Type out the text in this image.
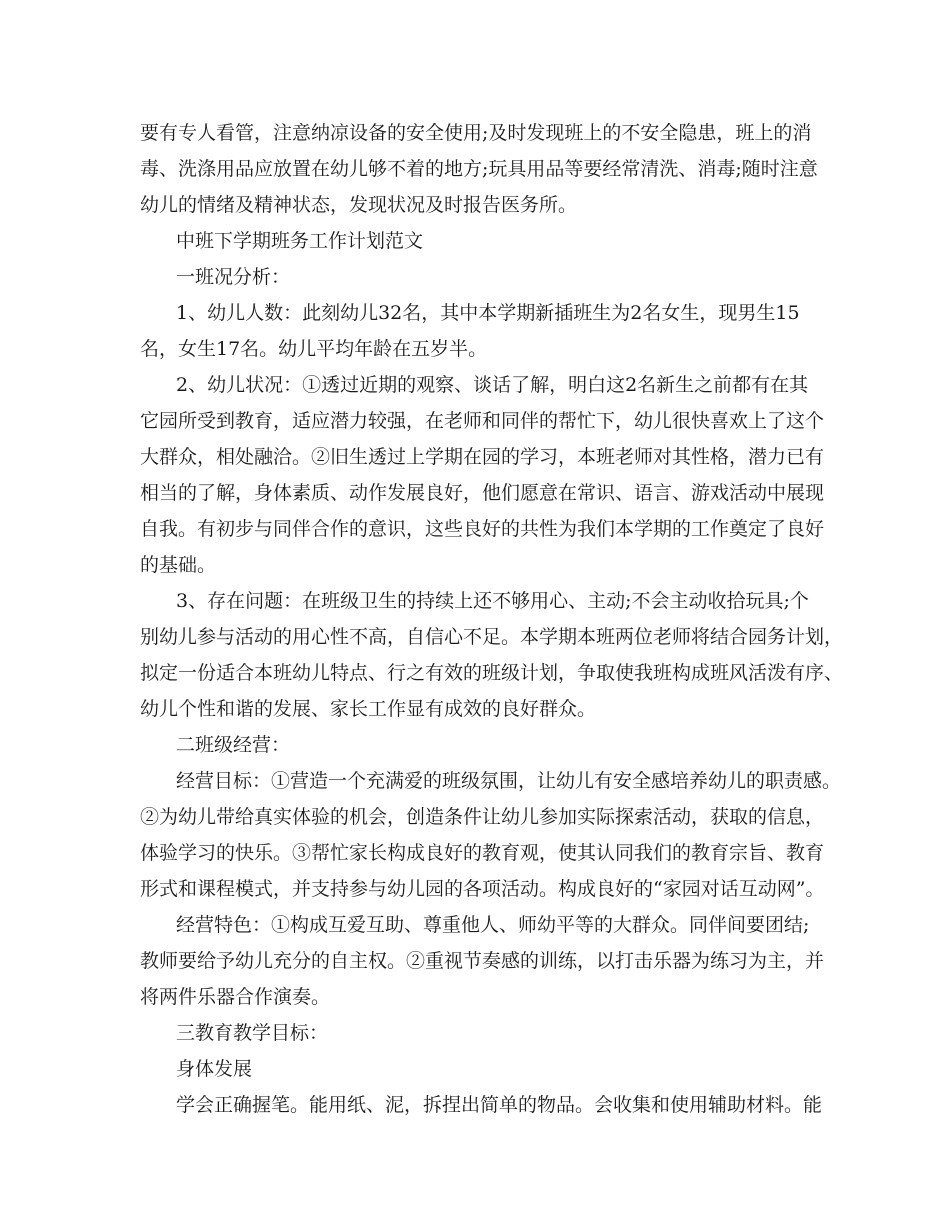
要有专人看管，注意纳凉设备的安全使用;及时发现班上的不安全隐患，班上的消
毒、洗涤用品应放置在幼儿够不着的地方;玩具用品等要经常清洗、消毒;随时注意
幼儿的情绪及精神状态，发现状况及时报告医务所。
中班下学期班务工作计划范文
一班况分析：
1、幼儿人数：此刻幼儿32名，其中本学期新插班生为2名女生，现男生15
名，女生17名。幼儿平均年龄在五岁半。
2、幼儿状况：①透过近期的观察、谈话了解，明白这2名新生之前都有在其
它园所受到教育，适应潜力较强，在老师和同伴的帮忙下，幼儿很快喜欢上了这个
大群众，相处融洽。②旧生透过上学期在园的学习，本班老师对其性格，潜力已有
相当的了解，身体素质、动作发展良好，他们愿意在常识、语言、游戏活动中展现
自我。有初步与同伴合作的意识，这些良好的共性为我们本学期的工作奠定了良好
的基础。
3、存在问题：在班级卫生的持续上还不够用心、主动;不会主动收拾玩具;个
别幼儿参与活动的用心性不高，自信心不足。本学期本班两位老师将结合园务计划，
拟定一份适合本班幼儿特点、行之有效的班级计划，争取使我班构成班风活泼有序、
幼儿个性和谐的发展、家长工作显有成效的良好群众。
二班级经营：
经营目标：①营造一个充满爱的班级氛围，让幼儿有安全感培养幼儿的职责感。
②为幼儿带给真实体验的机会，创造条件让幼儿参加实际探索活动，获取的信息，
体验学习的快乐。③帮忙家长构成良好的教育观，使其认同我们的教育宗旨、教育
形式和课程模式，并支持参与幼儿园的各项活动。构成良好的“家园对话互动网”。
经营特色：①构成互爱互助、尊重他人、师幼平等的大群众。同伴间要团结;
教师要给予幼儿充分的自主权。②重视节奏感的训练，以打击乐器为练习为主，并
将两件乐器合作演奏。
三教育教学目标：
身体发展
学会正确握笔。能用纸、泥，拆捏出简单的物品。会收集和使用辅助材料。能
